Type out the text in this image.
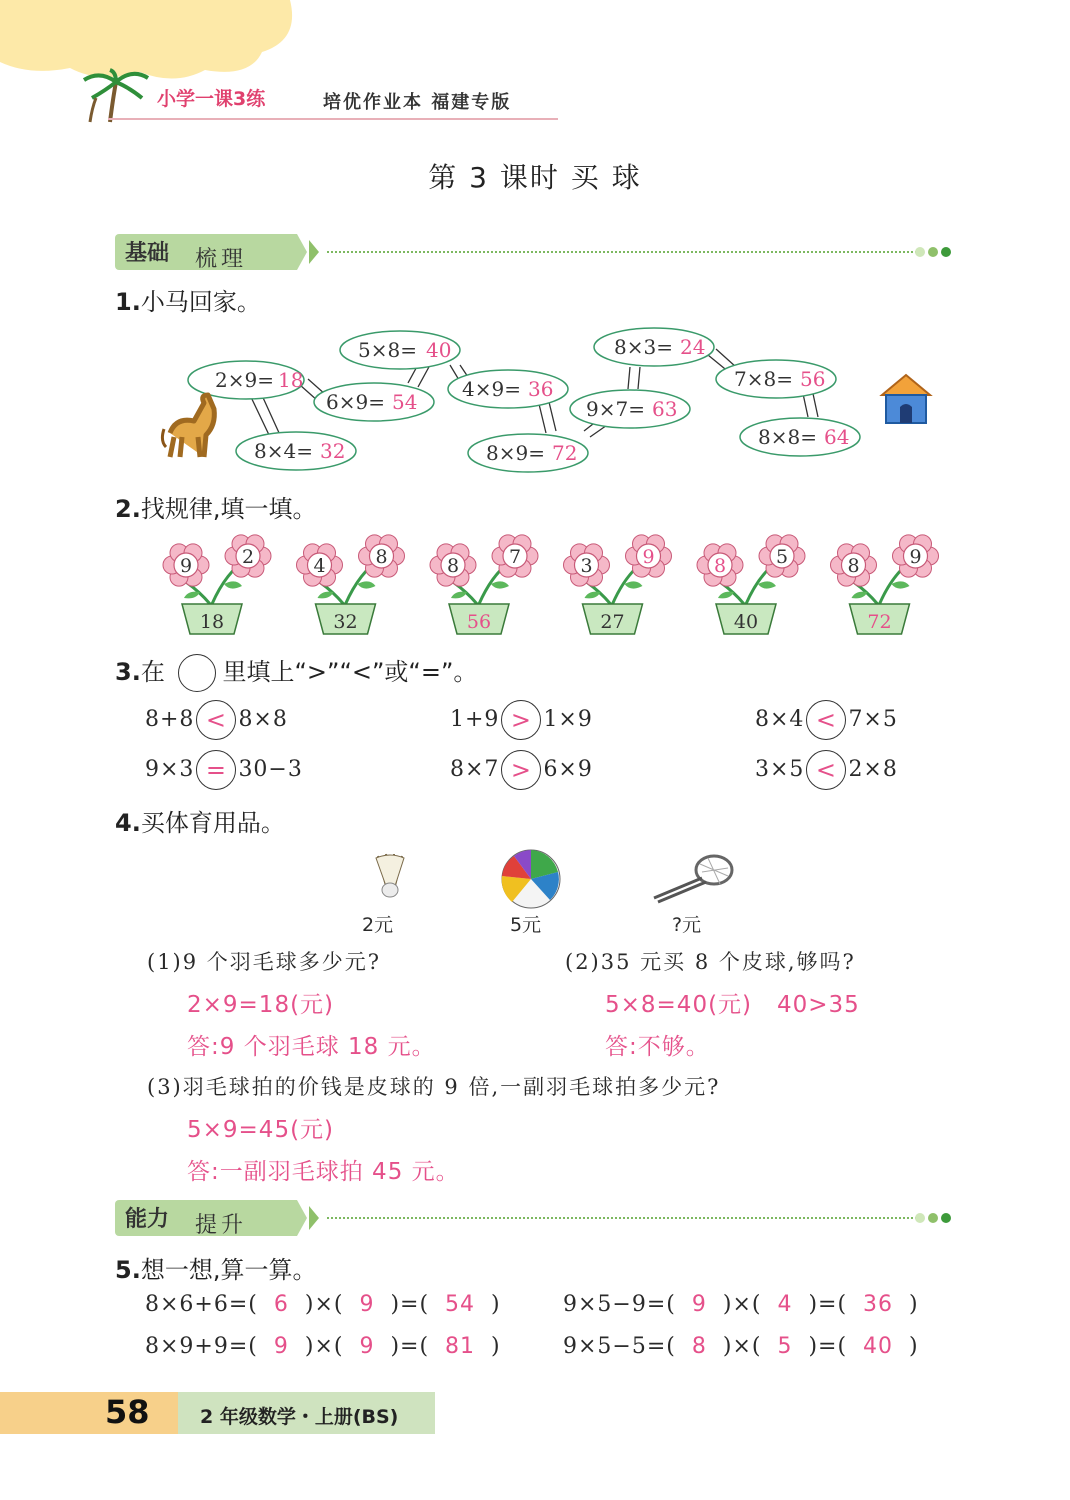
小学一课3练	培优作业本 福建专版
第 3 课时 买 球
基础 梳理
1.小马回家。
2×9= 18
5×8= 40
6×9= 54
8×4= 32
4×9= 36
8×9= 72
9×7= 63
8×3= 24
7×8= 56
8×8= 64
2.找规律,填一填。
9	2
18
4	8
32
8	7
56
3	9
27
8	5
40
8	9
72
3.在 里填上“>”“<”或“=”。
8+8 < 8×8	1+9 > 1×9	8×4 < 7×5
9×3 = 30−3	8×7 > 6×9	3×5 < 2×8
4.买体育用品。
2元	5元	?元
(1)9 个羽毛球多少元?
2×9=18(元)
答:9 个羽毛球 18 元。
(2)35 元买 8 个皮球,够吗?
5×8=40(元)   40>35
答:不够。
(3)羽毛球拍的价钱是皮球的 9 倍,一副羽毛球拍多少元?
5×9=45(元)
答:一副羽毛球拍 45 元。
能力 提升
5.想一想,算一算。
8×6+6=(  6  )×(  9  )=(  54  )	9×5−9=(  9  )×(  4  )=(  36  )
8×9+9=(  9  )×(  9  )=(  81  )	9×5−5=(  8  )×(  5  )=(  40  )
58	2 年级数学・上册(BS)
